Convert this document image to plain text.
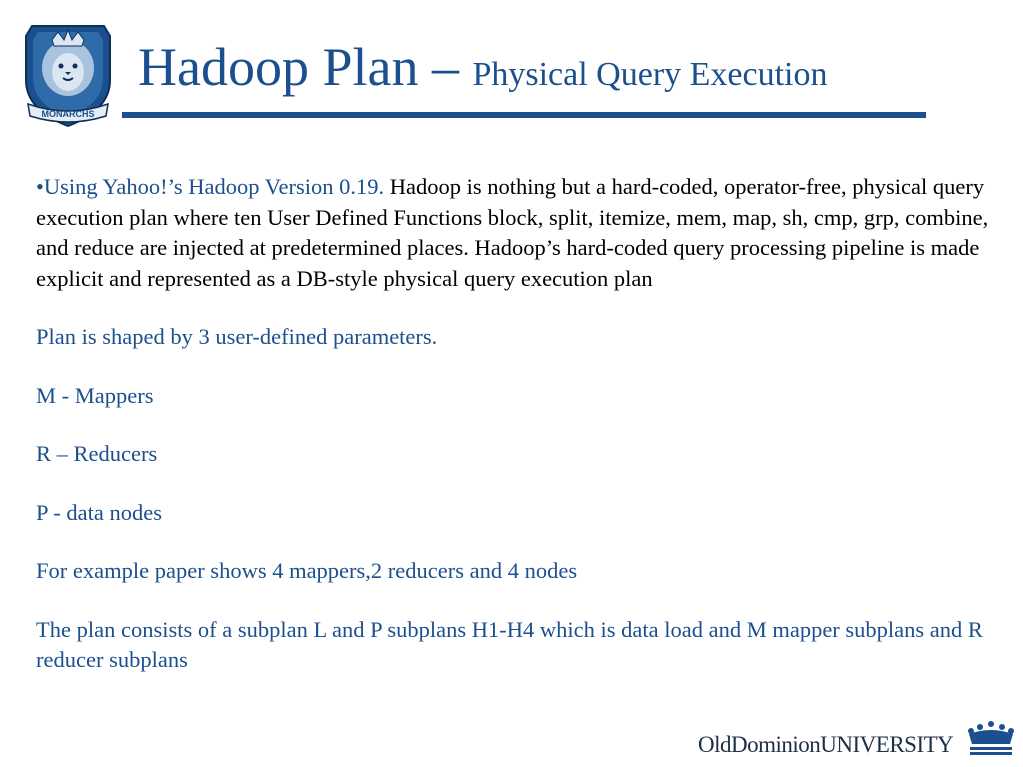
MONARCHS
Hadoop Plan – Physical Query Execution

•Using Yahoo!’s Hadoop Version 0.19. Hadoop is nothing but a hard-coded, operator-free, physical query execution plan where ten User Defined Functions block, split, itemize, mem, map, sh, cmp, grp, combine, and reduce are injected at predetermined places. Hadoop’s hard-coded query processing pipeline is made explicit and represented as a DB-style physical query execution plan

Plan is shaped by 3 user-defined parameters.

M - Mappers

R – Reducers

P - data nodes

For example paper shows 4 mappers,2 reducers and 4 nodes

The plan consists of a subplan L and P subplans H1-H4 which is data load and M mapper subplans and R reducer subplans

OldDominionUNIVERSITY
